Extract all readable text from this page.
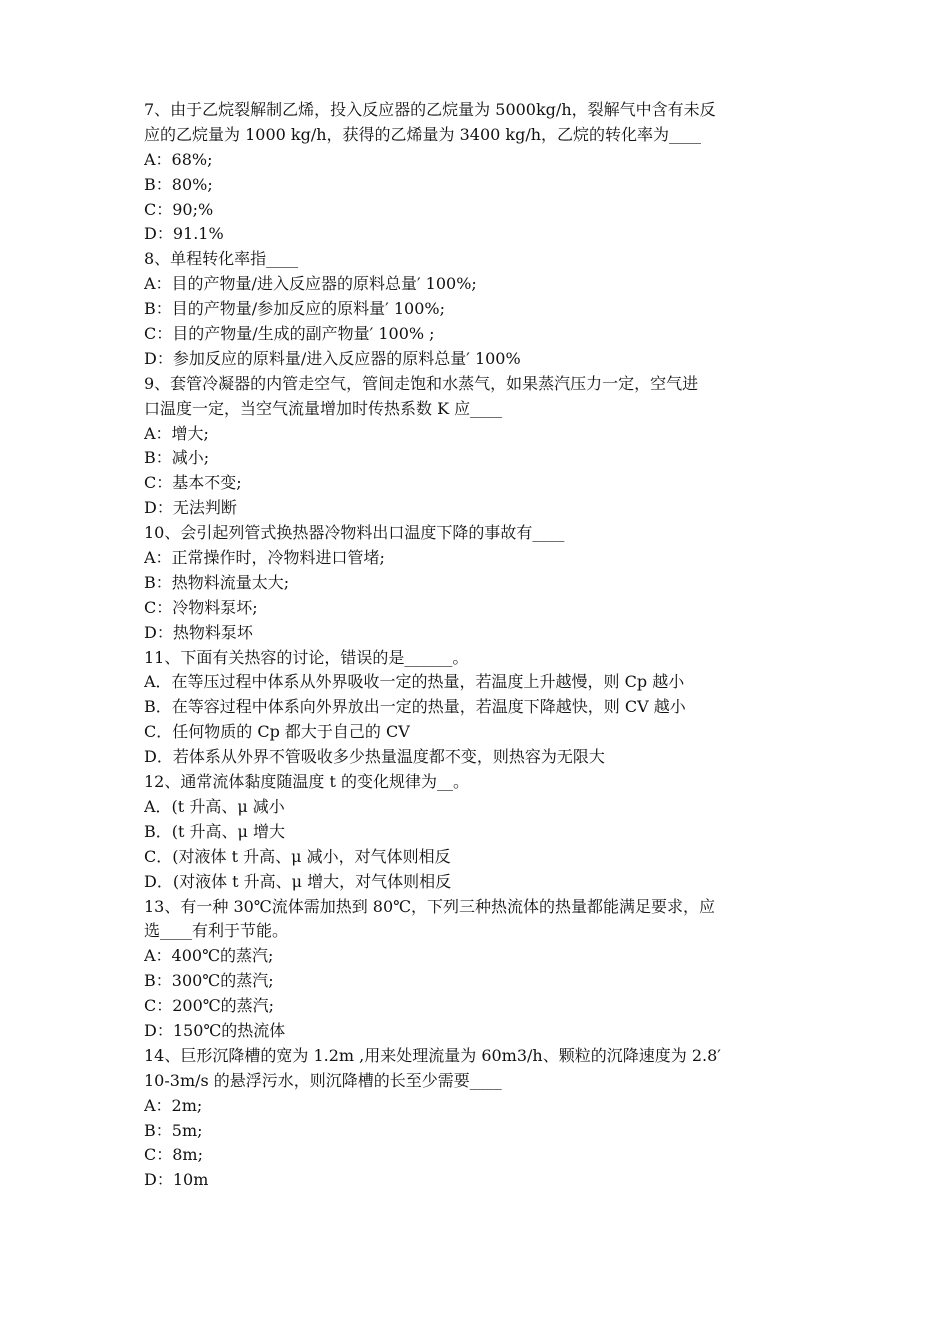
7、由于乙烷裂解制乙烯，投入反应器的乙烷量为 5000kg/h，裂解气中含有未反
应的乙烷量为 1000 kg/h，获得的乙烯量为 3400 kg/h，乙烷的转化率为____
A：68%;
B：80%;
C：90;%
D：91.1%
8、单程转化率指____
A：目的产物量/进入反应器的原料总量′ 100%;
B：目的产物量/参加反应的原料量′ 100%;
C：目的产物量/生成的副产物量′ 100% ;
D：参加反应的原料量/进入反应器的原料总量′ 100%
9、套管冷凝器的内管走空气，管间走饱和水蒸气，如果蒸汽压力一定，空气进
口温度一定，当空气流量增加时传热系数 K 应____
A：增大;
B：减小;
C：基本不变;
D：无法判断
10、会引起列管式换热器冷物料出口温度下降的事故有____
A：正常操作时，冷物料进口管堵;
B：热物料流量太大;
C：冷物料泵坏;
D：热物料泵坏
11、下面有关热容的讨论，错误的是______。
A．在等压过程中体系从外界吸收一定的热量，若温度上升越慢，则 Cp 越小
B．在等容过程中体系向外界放出一定的热量，若温度下降越快，则 CV 越小
C．任何物质的 Cp 都大于自己的 CV
D．若体系从外界不管吸收多少热量温度都不变，则热容为无限大
12、通常流体黏度随温度 t 的变化规律为__。
A．(t 升高、μ 减小
B．(t 升高、μ 增大
C．(对液体 t 升高、μ 减小，对气体则相反
D．(对液体 t 升高、μ 增大，对气体则相反
13、有一种 30℃流体需加热到 80℃，下列三种热流体的热量都能满足要求，应
选____有利于节能。
A：400℃的蒸汽;
B：300℃的蒸汽;
C：200℃的蒸汽;
D：150℃的热流体
14、巨形沉降槽的宽为 1.2m ,用来处理流量为 60m3/h、颗粒的沉降速度为 2.8′
10-3m/s 的悬浮污水，则沉降槽的长至少需要____
A：2m;
B：5m;
C：8m;
D：10m
